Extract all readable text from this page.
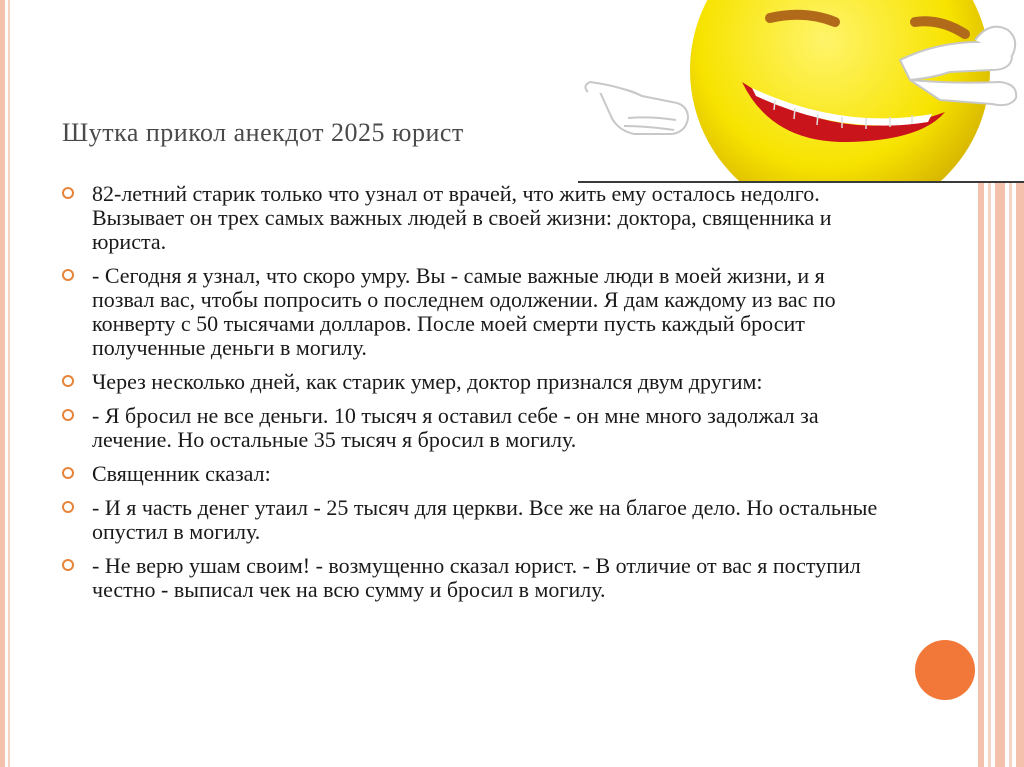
Шутка прикол анекдот 2025 юрист
82-летний старик только что узнал от врачей, что жить ему осталось недолго. Вызывает он трех самых важных людей в своей жизни: доктора, священника и юриста.
- Сегодня я узнал, что скоро умру. Вы - самые важные люди в моей жизни, и я позвал вас, чтобы попросить о последнем одолжении. Я дам каждому из вас по конверту с 50 тысячами долларов. После моей смерти пусть каждый бросит полученные деньги в могилу.
Через несколько дней, как старик умер, доктор признался двум другим:
- Я бросил не все деньги. 10 тысяч я оставил себе - он мне много задолжал за лечение. Но остальные 35 тысяч я бросил в могилу.
Священник сказал:
- И я часть денег утаил - 25 тысяч для церкви. Все же на благое дело. Но остальные опустил в могилу.
- Не верю ушам своим! - возмущенно сказал юрист. - В отличие от вас я поступил честно - выписал чек на всю сумму и бросил в могилу.
